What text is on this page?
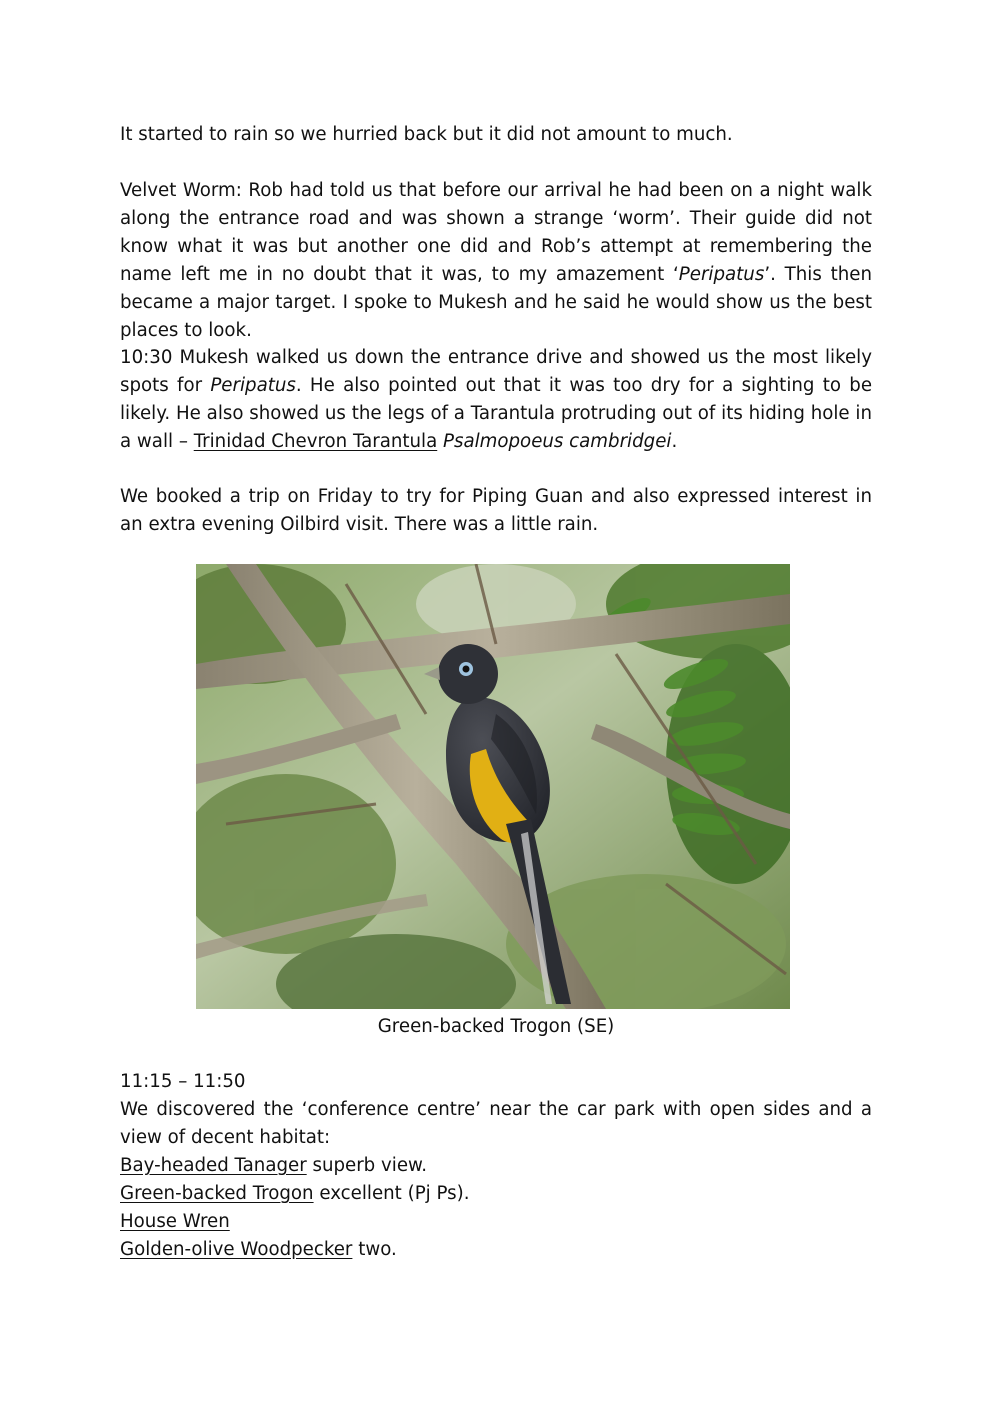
It started to rain so we hurried back but it did not amount to much.

Velvet Worm: Rob had told us that before our arrival he had been on a night walk along the entrance road and was shown a strange ‘worm’. Their guide did not know what it was but another one did and Rob’s attempt at remembering the name left me in no doubt that it was, to my amazement ‘Peripatus’. This then became a major target. I spoke to Mukesh and he said he would show us the best places to look.

10:30 Mukesh walked us down the entrance drive and showed us the most likely spots for Peripatus. He also pointed out that it was too dry for a sighting to be likely. He also showed us the legs of a Tarantula protruding out of its hiding hole in a wall – Trinidad Chevron Tarantula Psalmopoeus cambridgei.

We booked a trip on Friday to try for Piping Guan and also expressed interest in an extra evening Oilbird visit. There was a little rain.

Green-backed Trogon (SE)

11:15 – 11:50

We discovered the ‘conference centre’ near the car park with open sides and a view of decent habitat:

Bay-headed Tanager superb view.

Green-backed Trogon excellent (Pj Ps).

House Wren

Golden-olive Woodpecker two.
